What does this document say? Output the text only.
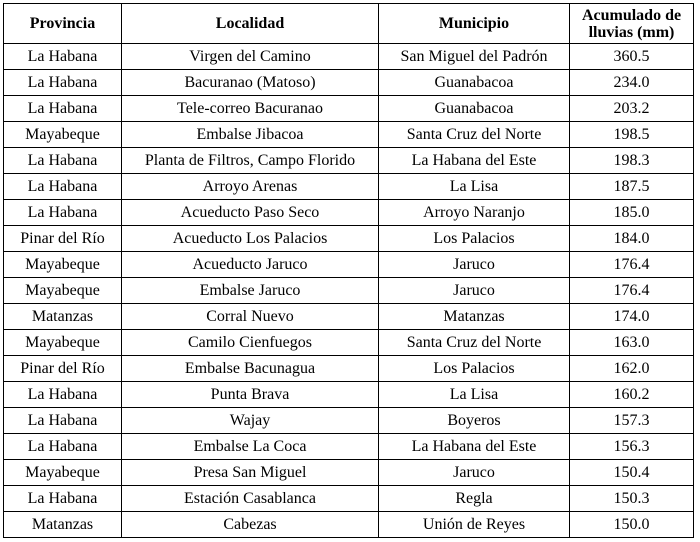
Provincia	Localidad	Municipio	Acumulado de lluvias (mm)
La Habana	Virgen del Camino	San Miguel del Padrón	360.5
La Habana	Bacuranao (Matoso)	Guanabacoa	234.0
La Habana	Tele-correo Bacuranao	Guanabacoa	203.2
Mayabeque	Embalse Jibacoa	Santa Cruz del Norte	198.5
La Habana	Planta de Filtros, Campo Florido	La Habana del Este	198.3
La Habana	Arroyo Arenas	La Lisa	187.5
La Habana	Acueducto Paso Seco	Arroyo Naranjo	185.0
Pinar del Río	Acueducto Los Palacios	Los Palacios	184.0
Mayabeque	Acueducto Jaruco	Jaruco	176.4
Mayabeque	Embalse Jaruco	Jaruco	176.4
Matanzas	Corral Nuevo	Matanzas	174.0
Mayabeque	Camilo Cienfuegos	Santa Cruz del Norte	163.0
Pinar del Río	Embalse Bacunagua	Los Palacios	162.0
La Habana	Punta Brava	La Lisa	160.2
La Habana	Wajay	Boyeros	157.3
La Habana	Embalse La Coca	La Habana del Este	156.3
Mayabeque	Presa San Miguel	Jaruco	150.4
La Habana	Estación Casablanca	Regla	150.3
Matanzas	Cabezas	Unión de Reyes	150.0
